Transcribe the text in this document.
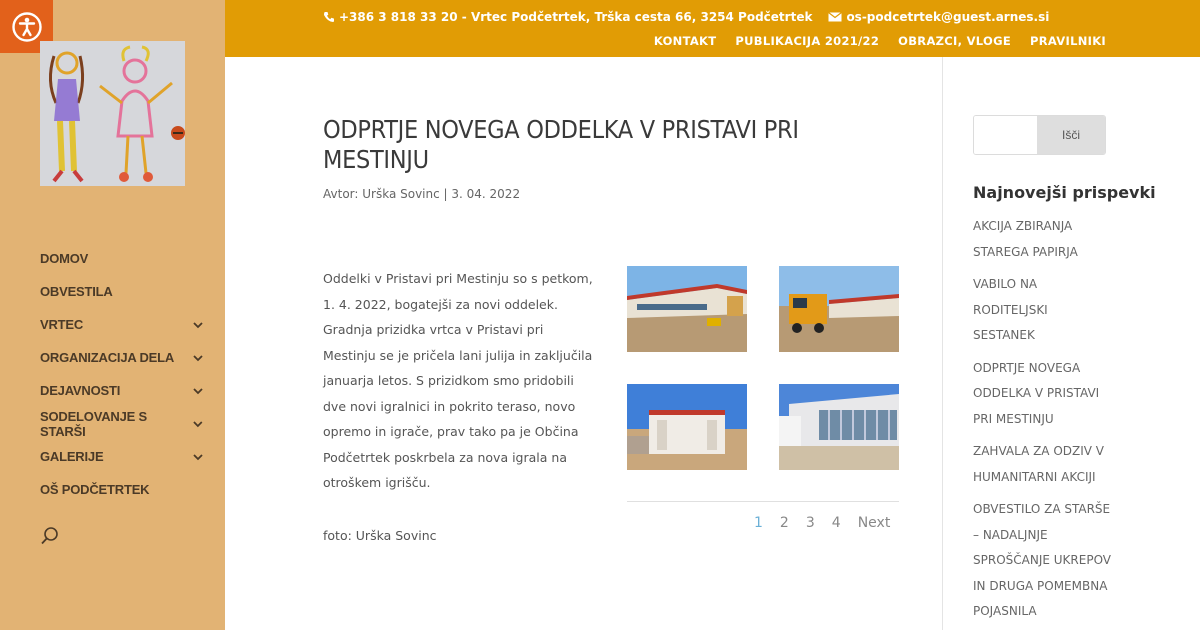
DOMOV
OBVESTILA
VRTEC
ORGANIZACIJA DELA
DEJAVNOSTI
SODELOVANJE S STARŠI
GALERIJE
OŠ PODČETRTEK
+386 3 818 33 20 - Vrtec Podčetrtek, Trška cesta 66, 3254 Podčetrtek	os-podcetrtek@guest.arnes.si
KONTAKT PUBLIKACIJA 2021/22 OBRAZCI, VLOGE PRAVILNIKI
ODPRTJE NOVEGA ODDELKA V PRISTAVI PRI MESTINJU
Avtor: Urška Sovinc | 3. 04. 2022

Oddelki v Pristavi pri Mestinju so s petkom, 1. 4. 2022, bogatejši za novi oddelek. Gradnja prizidka vrtca v Pristavi pri Mestinju se je pričela lani julija in zaključila januarja letos. S prizidkom smo pridobili dve novi igralnici in pokrito teraso, novo opremo in igrače, prav tako pa je Občina Podčetrtek poskrbela za nova igrala na otroškem igrišču.

foto: Urška Sovinc

1 2 3 4 Next
Išči
Najnovejši prispevki
AKCIJA ZBIRANJA STAREGA PAPIRJA
VABILO NA RODITELJSKI SESTANEK
ODPRTJE NOVEGA ODDELKA V PRISTAVI PRI MESTINJU
ZAHVALA ZA ODZIV V HUMANITARNI AKCIJI
OBVESTILO ZA STARŠE – NADALJNJE SPROŠČANJE UKREPOV IN DRUGA POMEMBNA POJASNILA
